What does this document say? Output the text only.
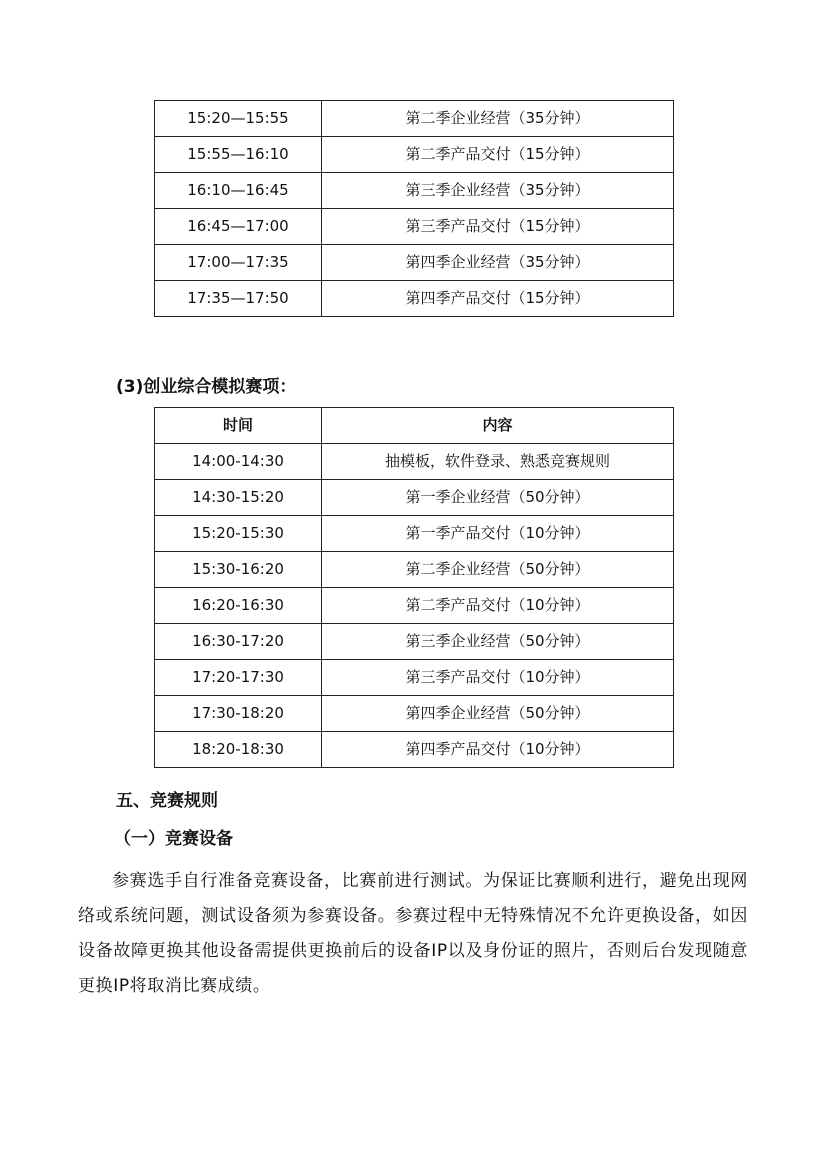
15:20—15:55	第二季企业经营（35分钟）
15:55—16:10	第二季产品交付（15分钟）
16:10—16:45	第三季企业经营（35分钟）
16:45—17:00	第三季产品交付（15分钟）
17:00—17:35	第四季企业经营（35分钟）
17:35—17:50	第四季产品交付（15分钟）
(3)创业综合模拟赛项：
时间	内容
14:00-14:30	抽模板，软件登录、熟悉竞赛规则
14:30-15:20	第一季企业经营（50分钟）
15:20-15:30	第一季产品交付（10分钟）
15:30-16:20	第二季企业经营（50分钟）
16:20-16:30	第二季产品交付（10分钟）
16:30-17:20	第三季企业经营（50分钟）
17:20-17:30	第三季产品交付（10分钟）
17:30-18:20	第四季企业经营（50分钟）
18:20-18:30	第四季产品交付（10分钟）
五、竞赛规则
（一）竞赛设备

参赛选手自行准备竞赛设备，比赛前进行测试。为保证比赛顺利进行，避免出现网络或系统问题，测试设备须为参赛设备。参赛过程中无特殊情况不允许更换设备，如因设备故障更换其他设备需提供更换前后的设备IP以及身份证的照片，否则后台发现随意更换IP将取消比赛成绩。
